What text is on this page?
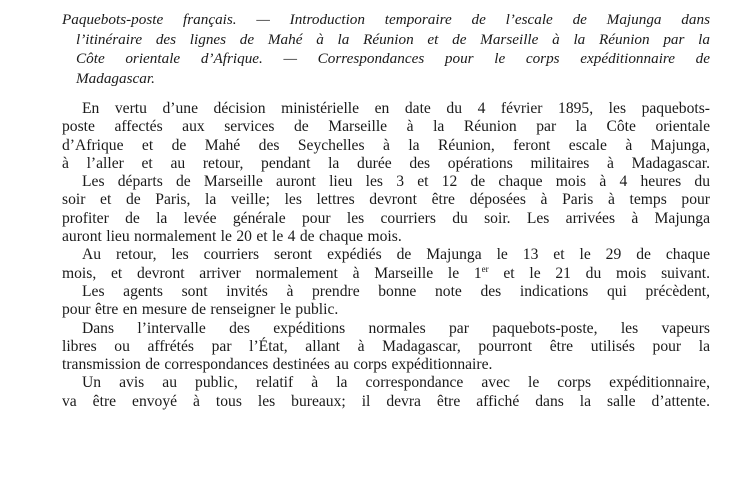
Paquebots-poste français. — Introduction temporaire de l’escale de Majunga dans
l’itinéraire des lignes de Mahé à la Réunion et de Marseille à la Réunion par la
Côte orientale d’Afrique. — Correspondances pour le corps expéditionnaire de
Madagascar.
En vertu d’une décision ministérielle en date du 4 février 1895, les paquebots-
poste affectés aux services de Marseille à la Réunion par la Côte orientale
d’Afrique et de Mahé des Seychelles à la Réunion, feront escale à Majunga,
à l’aller et au retour, pendant la durée des opérations militaires à Madagascar.
Les départs de Marseille auront lieu les 3 et 12 de chaque mois à 4 heures du
soir et de Paris, la veille; les lettres devront être déposées à Paris à temps pour
profiter de la levée générale pour les courriers du soir. Les arrivées à Majunga
auront lieu normalement le 20 et le 4 de chaque mois.
Au retour, les courriers seront expédiés de Majunga le 13 et le 29 de chaque
mois, et devront arriver normalement à Marseille le 1er et le 21 du mois suivant.
Les agents sont invités à prendre bonne note des indications qui précèdent,
pour être en mesure de renseigner le public.
Dans l’intervalle des expéditions normales par paquebots-poste, les vapeurs
libres ou affrétés par l’État, allant à Madagascar, pourront être utilisés pour la
transmission de correspondances destinées au corps expéditionnaire.
Un avis au public, relatif à la correspondance avec le corps expéditionnaire,
va être envoyé à tous les bureaux; il devra être affiché dans la salle d’attente.
